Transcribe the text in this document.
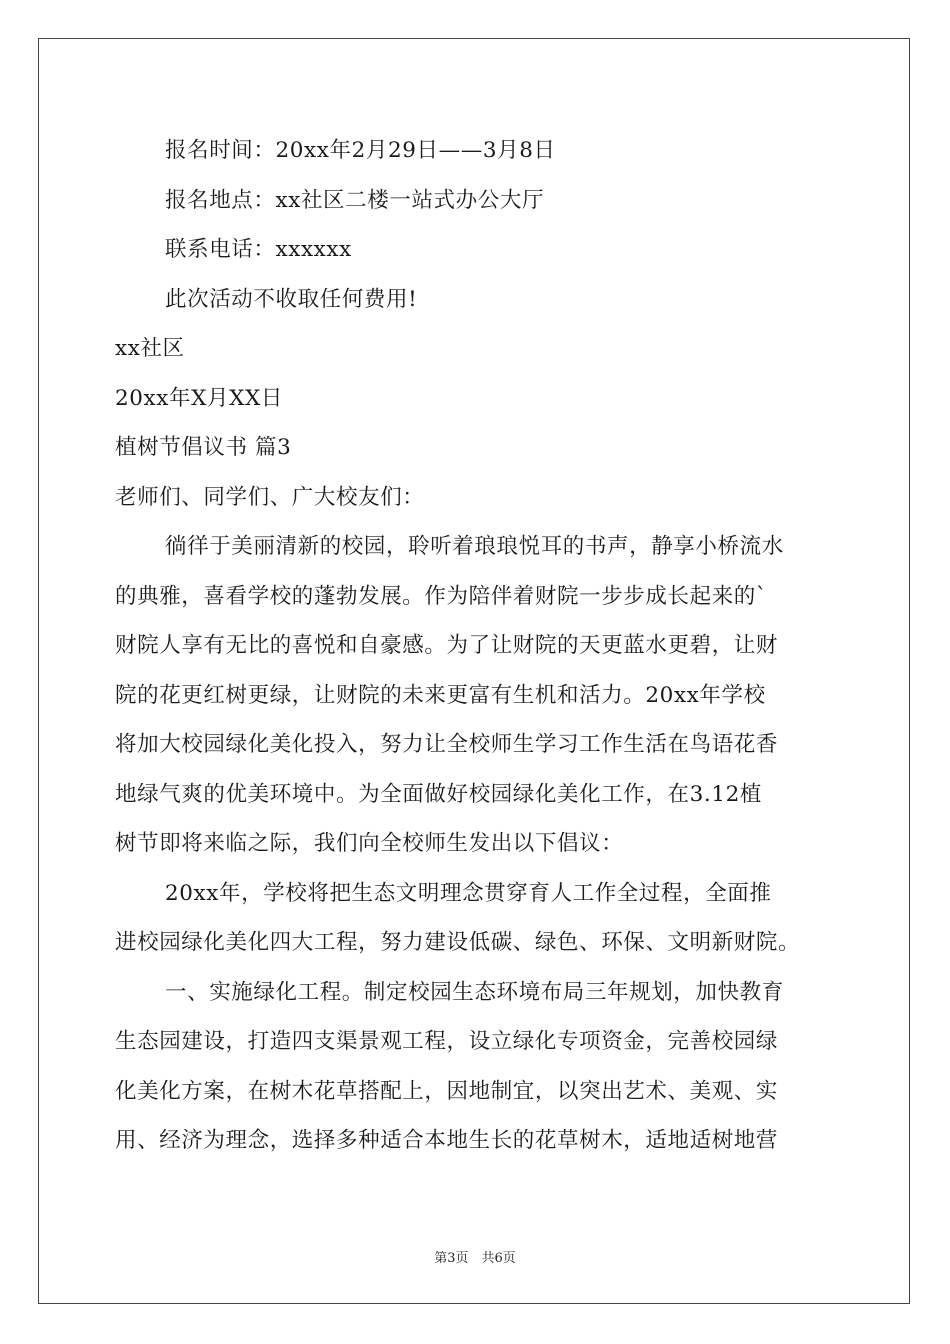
报名时间：20xx年2月29日——3月8日
报名地点：xx社区二楼一站式办公大厅
联系电话：xxxxxx
此次活动不收取任何费用!
xx社区
20xx年X月XX日
植树节倡议书 篇3
老师们、同学们、广大校友们：
徜徉于美丽清新的校园，聆听着琅琅悦耳的书声，静享小桥流水
的典雅，喜看学校的蓬勃发展。作为陪伴着财院一步步成长起来的`
财院人享有无比的喜悦和自豪感。为了让财院的天更蓝水更碧，让财
院的花更红树更绿，让财院的未来更富有生机和活力。20xx年学校
将加大校园绿化美化投入，努力让全校师生学习工作生活在鸟语花香
地绿气爽的优美环境中。为全面做好校园绿化美化工作，在3.12植
树节即将来临之际，我们向全校师生发出以下倡议：
20xx年，学校将把生态文明理念贯穿育人工作全过程，全面推
进校园绿化美化四大工程，努力建设低碳、绿色、环保、文明新财院。
一、实施绿化工程。制定校园生态环境布局三年规划，加快教育
生态园建设，打造四支渠景观工程，设立绿化专项资金，完善校园绿
化美化方案，在树木花草搭配上，因地制宜，以突出艺术、美观、实
用、经济为理念，选择多种适合本地生长的花草树木，适地适树地营
第3页　共6页
